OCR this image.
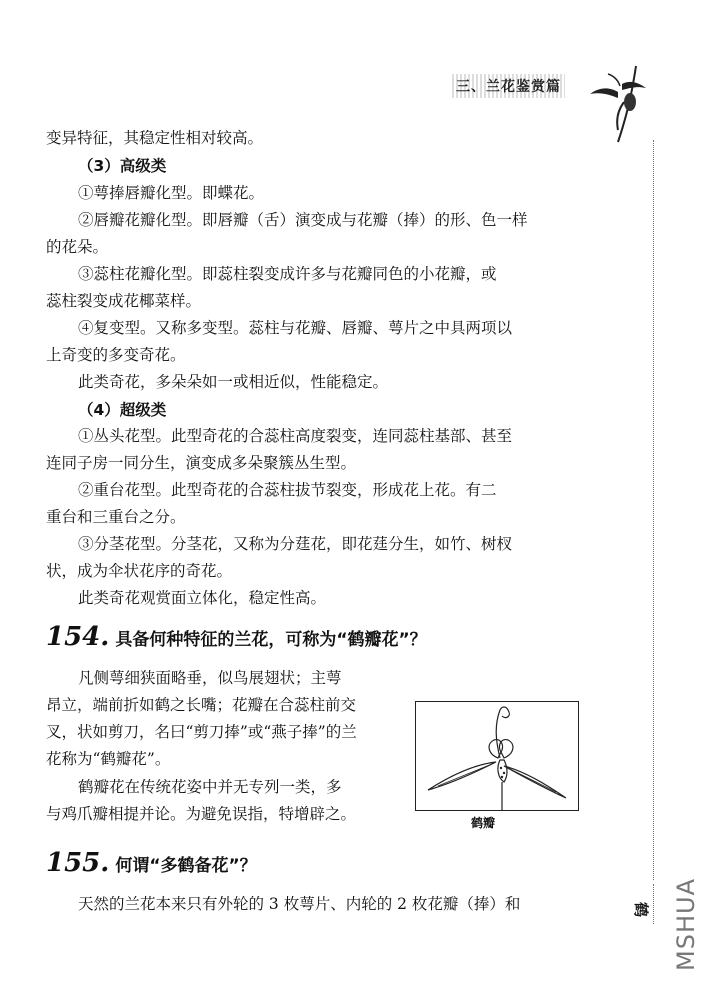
三、兰花鉴赏篇
鹤 MSHUA
变异特征，其稳定性相对较高。
（3）高级类
①萼捧唇瓣化型。即蝶花。
②唇瓣花瓣化型。即唇瓣（舌）演变成与花瓣（捧）的形、色一样
的花朵。
③蕊柱花瓣化型。即蕊柱裂变成许多与花瓣同色的小花瓣，或
蕊柱裂变成花椰菜样。
④复变型。又称多变型。蕊柱与花瓣、唇瓣、萼片之中具两项以
上奇变的多变奇花。
此类奇花，多朵朵如一或相近似，性能稳定。
（4）超级类
①丛头花型。此型奇花的合蕊柱高度裂变，连同蕊柱基部、甚至
连同子房一同分生，演变成多朵聚簇丛生型。
②重台花型。此型奇花的合蕊柱拔节裂变，形成花上花。有二
重台和三重台之分。
③分茎花型。分茎花，又称为分莛花，即花莛分生，如竹、树杈
状，成为伞状花序的奇花。
此类奇花观赏面立体化，稳定性高。
154. 具备何种特征的兰花，可称为“鹤瓣花”？
凡侧萼细狭面略垂，似鸟展翅状；主萼
昂立，端前折如鹤之长嘴；花瓣在合蕊柱前交
叉，状如剪刀，名曰“剪刀捧”或“燕子捧”的兰
花称为“鹤瓣花”。
鹤瓣花在传统花姿中并无专列一类，多
与鸡爪瓣相提并论。为避免误指，特增辟之。	鹤瓣
155. 何谓“多鹤备花”？
天然的兰花本来只有外轮的 3 枚萼片、内轮的 2 枚花瓣（捧）和
